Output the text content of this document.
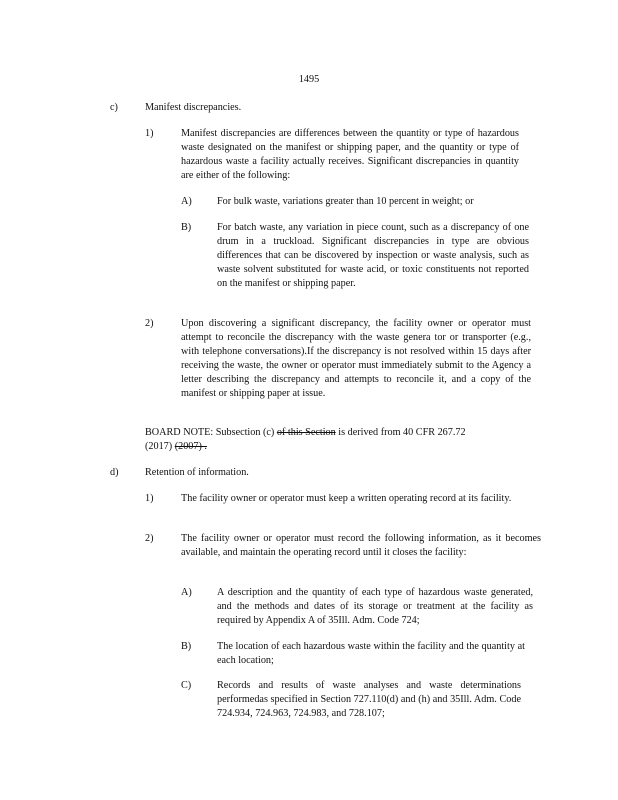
1495
c)	Manifest discrepancies.
1)	Manifest discrepancies are differences between the quantity or type of hazardous waste designated on the manifest or shipping paper, and the quantity or type of hazardous waste a facility actually receives. Significant discrepancies in quantity are either of the following:
A) For bulk waste, variations greater than 10 percent in weight; or
B)	For batch waste, any variation in piece count, such as a discrepancy of one drum in a truckload. Significant discrepancies in type are obvious differences that can be discovered by inspection or waste analysis, such as waste solvent substituted for waste acid, or toxic constituents not reported on the manifest or shipping paper.
2)	Upon discovering a significant discrepancy, the facility owner or operator must attempt to reconcile the discrepancy with the waste genera tor or transporter (e.g., with telephone conversations).If the discrepancy is not resolved within 15 days after receiving the waste, the owner or operator must immediately submit to the Agency a letter describing the discrepancy and attempts to reconcile it, and a copy of the manifest or shipping paper at issue.
BOARD NOTE: Subsection (c) of this Section is derived from 40 CFR 267.72
(2017) (2007) .
d)	Retention of information.
1)	The facility owner or operator must keep a written operating record at its facility.
2)	The facility owner or operator must record the following information, as it becomes available, and maintain the operating record until it closes the facility:
A) A description and the quantity of each type of hazardous waste generated, and the methods and dates of its storage or treatment at the facility as required by Appendix A of 35Ill. Adm. Code 724;
B)	The location of each hazardous waste within the facility and the quantity at each location;
C)	Records and results of waste analyses and waste determinations performedas specified in Section 727.110(d) and (h) and 35Ill. Adm. Code 724.934, 724.963, 724.983, and 728.107;
